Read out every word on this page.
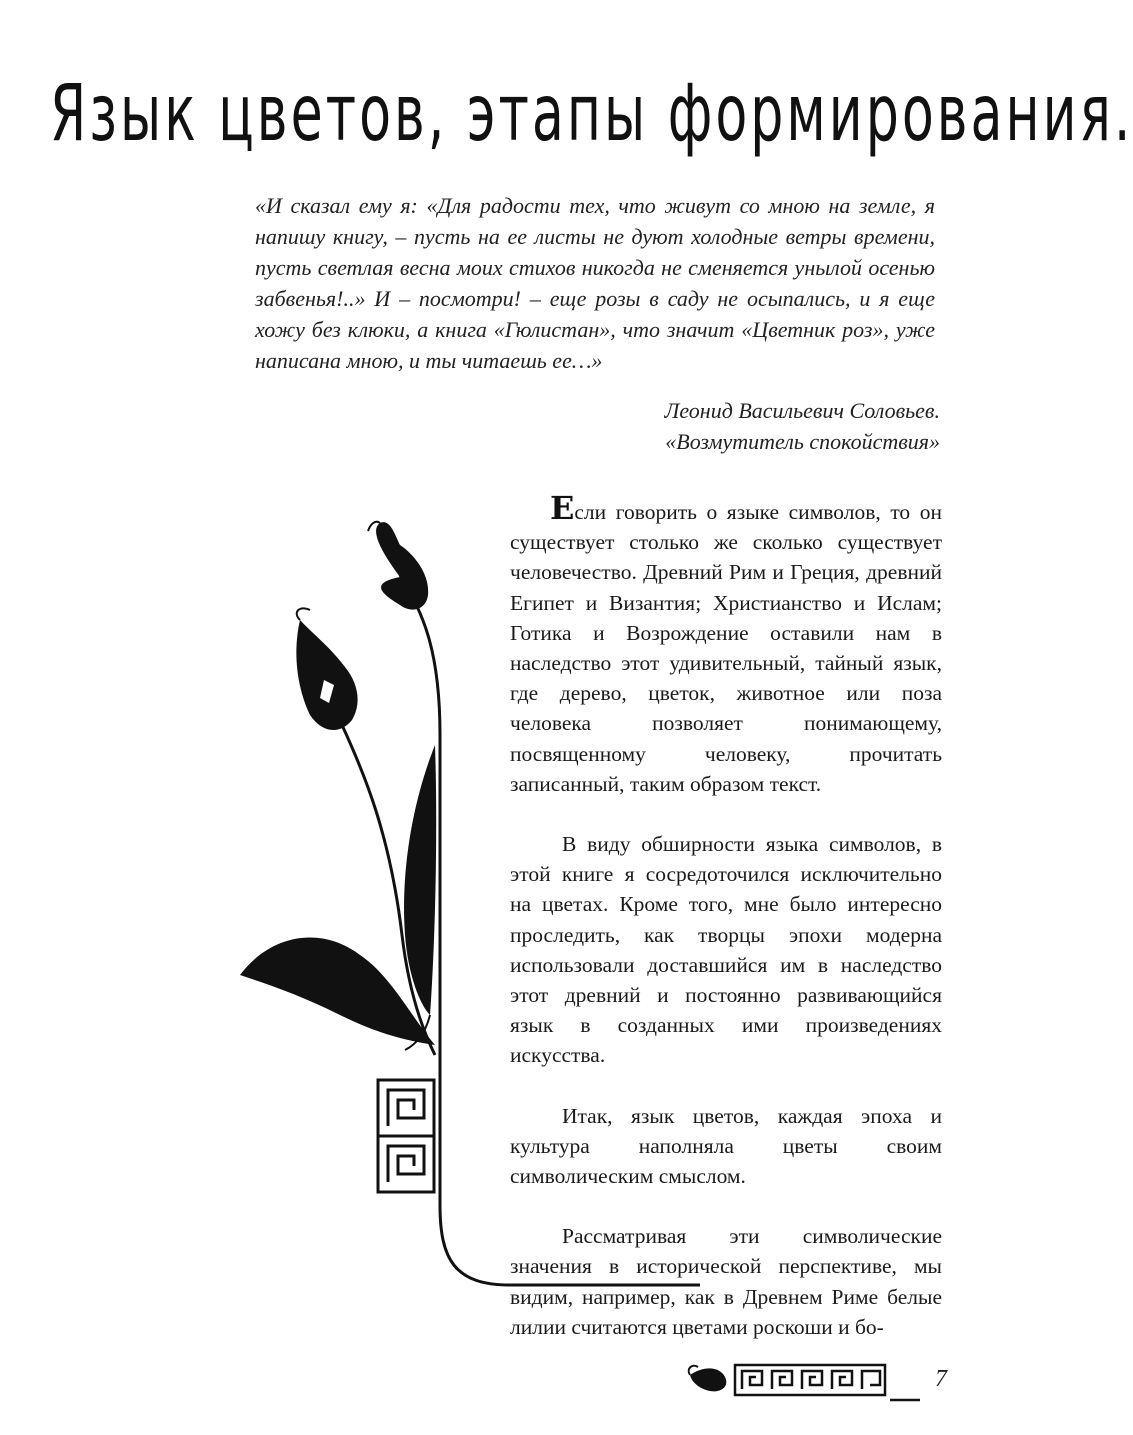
Язык цветов, этапы формирования.

«И сказал ему я: «Для радости тех, что живут со мною на земле, я напишу книгу, – пусть на ее листы не дуют холодные ветры времени, пусть светлая весна моих стихов никогда не сменяется унылой осенью забвенья!..» И – посмотри! – еще розы в саду не осыпались, и я еще хожу без клюки, а книга «Гюлистан», что значит «Цветник роз», уже написана мною, и ты читаешь ее…»

Леонид Васильевич Соловьев.
«Возмутитель спокойствия»

Если говорить о языке символов, то он существует столько же сколько существует человечество. Древний Рим и Греция, древний Египет и Византия; Христианство и Ислам; Готика и Возрождение оставили нам в наследство этот удивительный, тайный язык, где дерево, цветок, животное или поза человека позволяет понимающему, посвященному человеку, прочитать записанный, таким образом текст.

В виду обширности языка символов, в этой книге я сосредоточился исключительно на цветах. Кроме того, мне было интересно проследить, как творцы эпохи модерна использовали доставшийся им в наследство этот древний и постоянно развивающийся язык в созданных ими произведениях искусства.

Итак, язык цветов, каждая эпоха и культура наполняла цветы своим символическим смыслом.

Рассматривая эти символические значения в исторической перспективе, мы видим, например, как в Древнем Риме белые лилии считаются цветами роскоши и бо-

7
